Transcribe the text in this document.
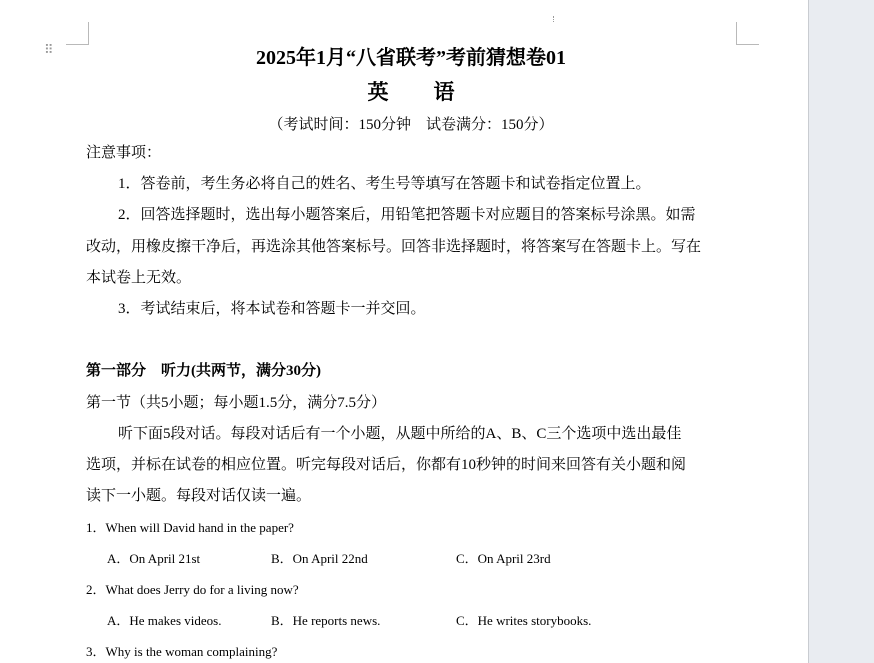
⠿	2025年1月“八省联考”考前猜想卷01
英　语
（考试时间：150分钟　试卷满分：150分）
注意事项：
1．答卷前，考生务必将自己的姓名、考生号等填写在答题卡和试卷指定位置上。
2．回答选择题时，选出每小题答案后，用铅笔把答题卡对应题目的答案标号涂黑。如需
改动，用橡皮擦干净后，再选涂其他答案标号。回答非选择题时，将答案写在答题卡上。写在
本试卷上无效。
3．考试结束后，将本试卷和答题卡一并交回。
第一部分　听力(共两节，满分30分)
第一节（共5小题；每小题1.5分，满分7.5分）
听下面5段对话。每段对话后有一个小题，从题中所给的A、B、C三个选项中选出最佳
选项，并标在试卷的相应位置。听完每段对话后，你都有10秒钟的时间来回答有关小题和阅
读下一小题。每段对话仅读一遍。
1．When will David hand in the paper?
A．On April 21st	B．On April 22nd	C．On April 23rd
2．What does Jerry do for a living now?
A．He makes videos.	B．He reports news.	C．He writes storybooks.
3．Why is the woman complaining?
